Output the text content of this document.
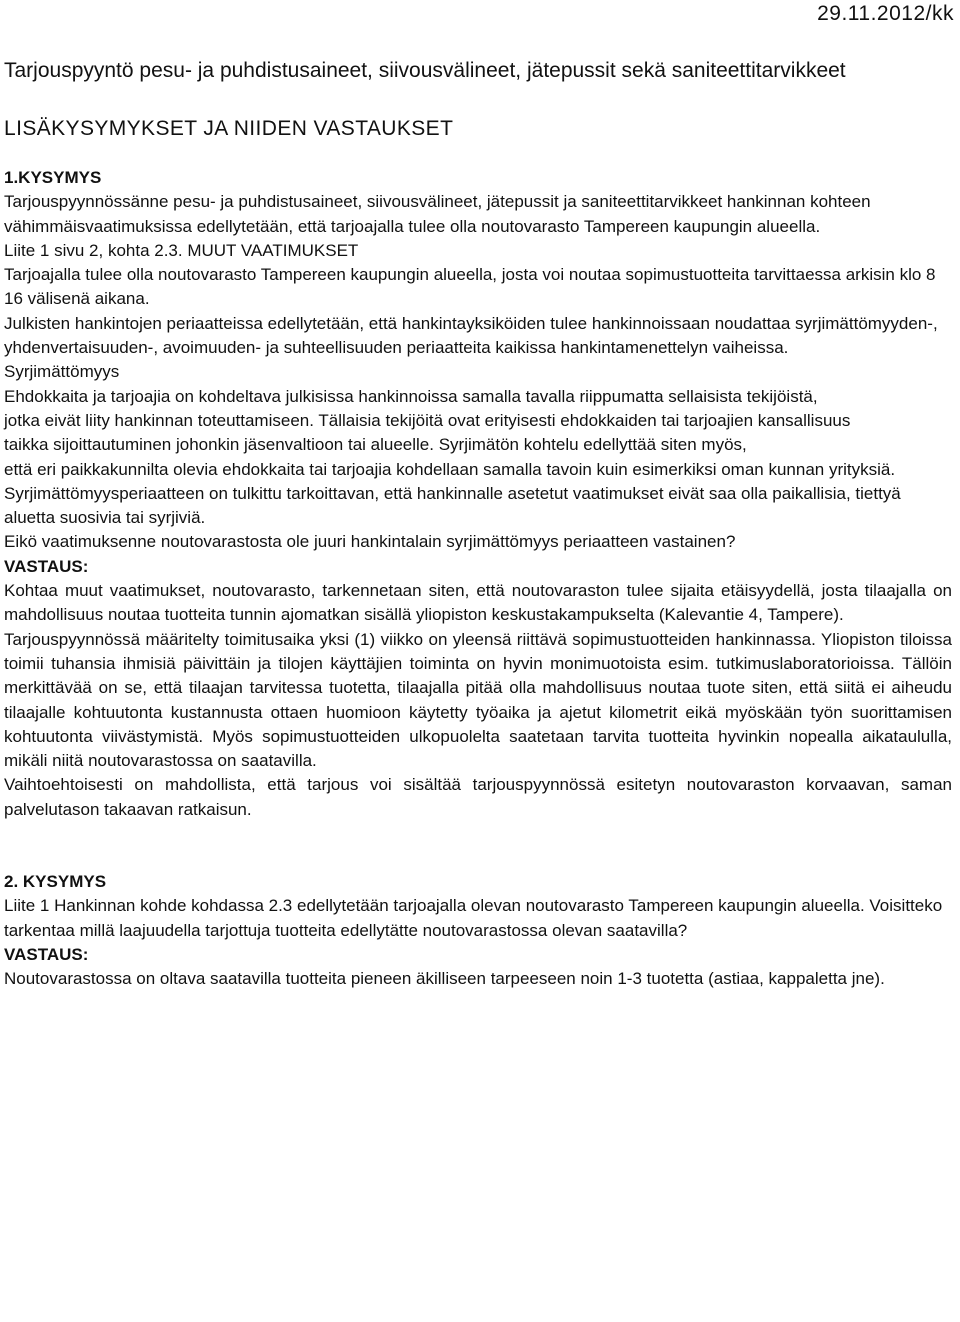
29.11.2012/kk
Tarjouspyyntö pesu- ja puhdistusaineet, siivousvälineet, jätepussit sekä saniteettitarvikkeet
LISÄKYSYMYKSET JA NIIDEN VASTAUKSET

1.KYSYMYS

Tarjouspyynnössänne pesu- ja puhdistusaineet, siivousvälineet, jätepussit ja saniteettitarvikkeet hankinnan kohteen vähimmäisvaatimuksissa edellytetään, että tarjoajalla tulee olla noutovarasto Tampereen kaupungin alueella.

Liite 1 sivu 2, kohta 2.3. MUUT VAATIMUKSET

Tarjoajalla tulee olla noutovarasto Tampereen kaupungin alueella, josta voi noutaa sopimustuotteita tarvittaessa arkisin klo 8 16 välisenä aikana.

Julkisten hankintojen periaatteissa edellytetään, että hankintayksiköiden tulee hankinnoissaan noudattaa syrjimättömyyden-, yhdenvertaisuuden-, avoimuuden- ja suhteellisuuden periaatteita kaikissa hankintamenettelyn vaiheissa.

Syrjimättömyys

Ehdokkaita ja tarjoajia on kohdeltava julkisissa hankinnoissa samalla tavalla riippumatta sellaisista tekijöistä,

jotka eivät liity hankinnan toteuttamiseen. Tällaisia tekijöitä ovat erityisesti ehdokkaiden tai tarjoajien kansallisuus

taikka sijoittautuminen johonkin jäsenvaltioon tai alueelle. Syrjimätön kohtelu edellyttää siten myös,

että eri paikkakunnilta olevia ehdokkaita tai tarjoajia kohdellaan samalla tavoin kuin esimerkiksi oman kunnan yrityksiä.

Syrjimättömyysperiaatteen on tulkittu tarkoittavan, että hankinnalle asetetut vaatimukset eivät saa olla paikallisia, tiettyä aluetta suosivia tai syrjiviä.

Eikö vaatimuksenne noutovarastosta ole juuri hankintalain syrjimättömyys periaatteen vastainen?

VASTAUS:

Kohtaa muut vaatimukset, noutovarasto, tarkennetaan siten, että noutovaraston tulee sijaita etäisyydellä, josta tilaajalla on mahdollisuus noutaa tuotteita tunnin ajomatkan sisällä yliopiston keskustakampukselta (Kalevantie 4, Tampere).

Tarjouspyynnössä määritelty toimitusaika yksi (1) viikko on yleensä riittävä sopimustuotteiden hankinnassa. Yliopiston tiloissa toimii tuhansia ihmisiä päivittäin ja tilojen käyttäjien toiminta on hyvin monimuotoista esim. tutkimuslaboratorioissa. Tällöin merkittävää on se, että tilaajan tarvitessa tuotetta, tilaajalla pitää olla mahdollisuus noutaa tuote siten, että siitä ei aiheudu tilaajalle kohtuutonta kustannusta ottaen huomioon käytetty työaika ja ajetut kilometrit eikä myöskään työn suorittamisen kohtuutonta viivästymistä. Myös sopimustuotteiden ulkopuolelta saatetaan tarvita tuotteita hyvinkin nopealla aikataululla, mikäli niitä noutovarastossa on saatavilla.

Vaihtoehtoisesti on mahdollista, että tarjous voi sisältää tarjouspyynnössä esitetyn noutovaraston korvaavan, saman palvelutason takaavan ratkaisun.

2. KYSYMYS

Liite 1 Hankinnan kohde kohdassa 2.3 edellytetään tarjoajalla olevan noutovarasto Tampereen kaupungin alueella. Voisitteko tarkentaa millä laajuudella tarjottuja tuotteita edellytätte noutovarastossa olevan saatavilla?

VASTAUS:

Noutovarastossa on oltava saatavilla tuotteita pieneen äkilliseen tarpeeseen noin 1-3 tuotetta (astiaa, kappaletta jne).
